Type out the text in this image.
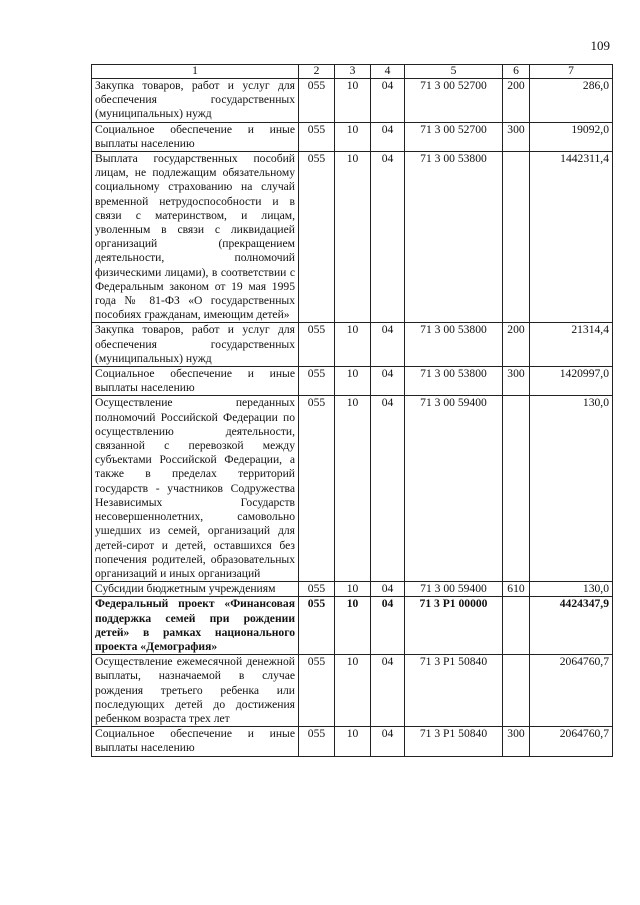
109
1	2	3	4	5	6	7
Закупка товаров, работ и услуг для обеспечения государственных (муниципальных) нужд	055	10	04	71 3 00 52700	200	286,0
Социальное обеспечение и иные выплаты населению	055	10	04	71 3 00 52700	300	19092,0
Выплата государственных пособий лицам, не подлежащим обязательному социальному страхованию на случай временной нетрудоспособности и в связи с материнством, и лицам, уволенным в связи с ликвидацией организаций (прекращением деятельности, полномочий физическими лицами), в соответствии с Федеральным законом от 19 мая 1995 года № 81-ФЗ «О государственных пособиях гражданам, имеющим детей»	055	10	04	71 3 00 53800		1442311,4
Закупка товаров, работ и услуг для обеспечения государственных (муниципальных) нужд	055	10	04	71 3 00 53800	200	21314,4
Социальное обеспечение и иные выплаты населению	055	10	04	71 3 00 53800	300	1420997,0
Осуществление переданных полномочий Российской Федерации по осуществлению деятельности, связанной с перевозкой между субъектами Российской Федерации, а также в пределах территорий государств - участников Содружества Независимых Государств несовершеннолетних, самовольно ушедших из семей, организаций для детей-сирот и детей, оставшихся без попечения родителей, образовательных организаций и иных организаций	055	10	04	71 3 00 59400		130,0
Субсидии бюджетным учреждениям	055	10	04	71 3 00 59400	610	130,0
Федеральный проект «Финансовая поддержка семей при рождении детей» в рамках национального проекта «Демография»	055	10	04	71 3 P1 00000		4424347,9
Осуществление ежемесячной денежной выплаты, назначаемой в случае рождения третьего ребенка или последующих детей до достижения ребенком возраста трех лет	055	10	04	71 3 P1 50840		2064760,7
Социальное обеспечение и иные выплаты населению	055	10	04	71 3 P1 50840	300	2064760,7
